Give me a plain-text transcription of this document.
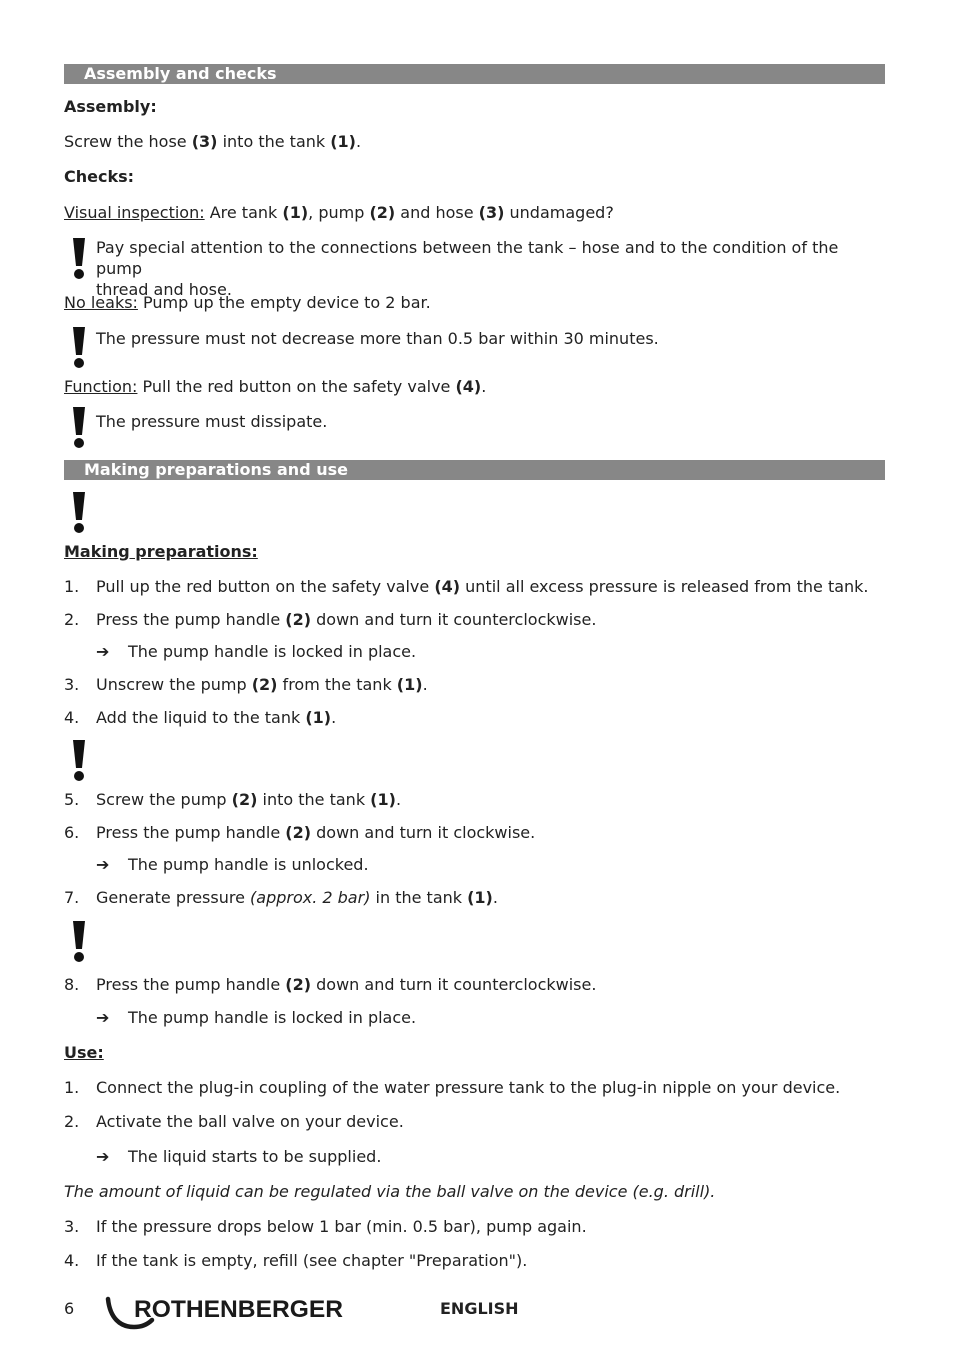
Assembly and checks
Assembly:
Screw the hose (3) into the tank (1).
Checks:
Visual inspection: Are tank (1), pump (2) and hose (3) undamaged?
Pay special attention to the connections between the tank – hose and to the condition of the pump
thread and hose.
No leaks: Pump up the empty device to 2 bar.
The pressure must not decrease more than 0.5 bar within 30 minutes.
Function: Pull the red button on the safety valve (4).
The pressure must dissipate.
Making preparations and use
Making preparations:
1. Pull up the red button on the safety valve (4) until all excess pressure is released from the tank.
2. Press the pump handle (2) down and turn it counterclockwise.
➔ The pump handle is locked in place.
3. Unscrew the pump (2) from the tank (1).
4. Add the liquid to the tank (1).
5. Screw the pump (2) into the tank (1).
6. Press the pump handle (2) down and turn it clockwise.
➔ The pump handle is unlocked.
7. Generate pressure (approx. 2 bar) in the tank (1).
8. Press the pump handle (2) down and turn it counterclockwise.
➔ The pump handle is locked in place.
Use:
1. Connect the plug-in coupling of the water pressure tank to the plug-in nipple on your device.
2. Activate the ball valve on your device.
➔ The liquid starts to be supplied.
The amount of liquid can be regulated via the ball valve on the device (e.g. drill).
3. If the pressure drops below 1 bar (min. 0.5 bar), pump again.
4. If the tank is empty, refill (see chapter "Preparation").
6 ROTHENBERGER	ENGLISH
